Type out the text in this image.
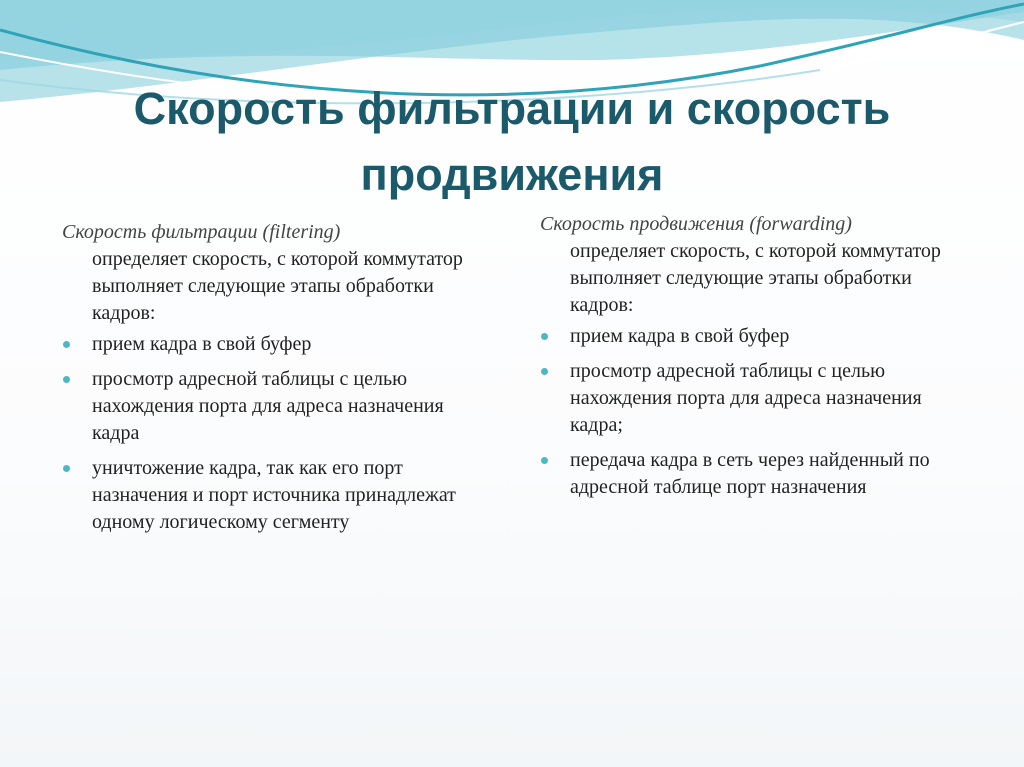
Скорость фильтрации и скорость продвижения

Скорость фильтрации (filtering)

определяет скорость, с которой коммутатор выполняет следующие этапы обработки кадров:

прием кадра в свой буфер
просмотр адресной таблицы с целью нахождения порта для адреса назначения кадра
уничтожение кадра, так как его порт назначения и порт источника принадлежат одному логическому сегменту

Скорость продвижения (forwarding)

определяет скорость, с которой коммутатор выполняет следующие этапы обработки кадров:

прием кадра в свой буфер
просмотр адресной таблицы с целью нахождения порта для адреса назначения кадра;
передача кадра в сеть через найденный по адресной таблице порт назначения
